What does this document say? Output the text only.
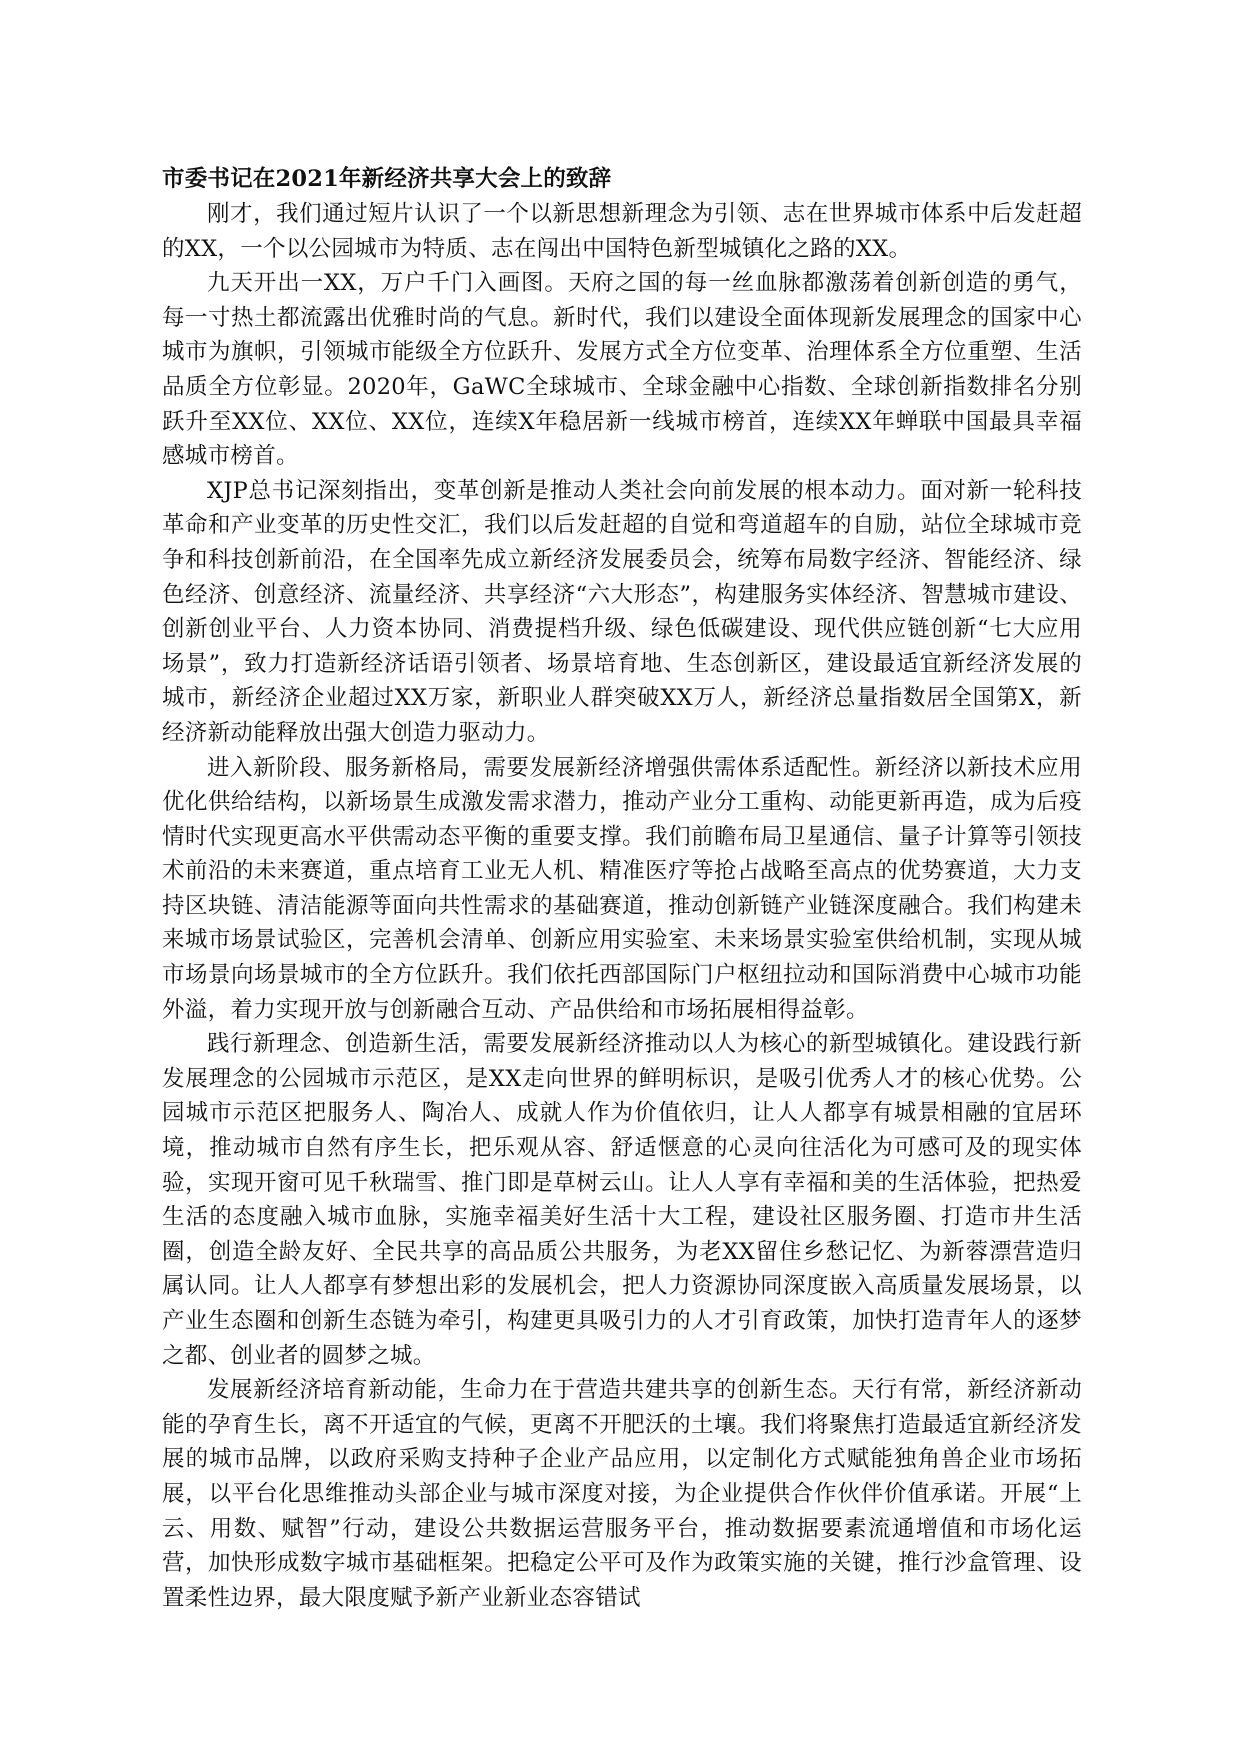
市委书记在2021年新经济共享大会上的致辞

刚才，我们通过短片认识了一个以新思想新理念为引领、志在世界城市体系中后发赶超的XX，一个以公园城市为特质、志在闯出中国特色新型城镇化之路的XX。

九天开出一XX，万户千门入画图。天府之国的每一丝血脉都激荡着创新创造的勇气，每一寸热土都流露出优雅时尚的气息。新时代，我们以建设全面体现新发展理念的国家中心城市为旗帜，引领城市能级全方位跃升、发展方式全方位变革、治理体系全方位重塑、生活品质全方位彰显。2020年，GaWC全球城市、全球金融中心指数、全球创新指数排名分别跃升至XX位、XX位、XX位，连续X年稳居新一线城市榜首，连续XX年蝉联中国最具幸福感城市榜首。

XJP总书记深刻指出，变革创新是推动人类社会向前发展的根本动力。面对新一轮科技革命和产业变革的历史性交汇，我们以后发赶超的自觉和弯道超车的自励，站位全球城市竞争和科技创新前沿，在全国率先成立新经济发展委员会，统筹布局数字经济、智能经济、绿色经济、创意经济、流量经济、共享经济“六大形态”，构建服务实体经济、智慧城市建设、创新创业平台、人力资本协同、消费提档升级、绿色低碳建设、现代供应链创新“七大应用场景”，致力打造新经济话语引领者、场景培育地、生态创新区，建设最适宜新经济发展的城市，新经济企业超过XX万家，新职业人群突破XX万人，新经济总量指数居全国第X，新经济新动能释放出强大创造力驱动力。

进入新阶段、服务新格局，需要发展新经济增强供需体系适配性。新经济以新技术应用优化供给结构，以新场景生成激发需求潜力，推动产业分工重构、动能更新再造，成为后疫情时代实现更高水平供需动态平衡的重要支撑。我们前瞻布局卫星通信、量子计算等引领技术前沿的未来赛道，重点培育工业无人机、精准医疗等抢占战略至高点的优势赛道，大力支持区块链、清洁能源等面向共性需求的基础赛道，推动创新链产业链深度融合。我们构建未来城市场景试验区，完善机会清单、创新应用实验室、未来场景实验室供给机制，实现从城市场景向场景城市的全方位跃升。我们依托西部国际门户枢纽拉动和国际消费中心城市功能外溢，着力实现开放与创新融合互动、产品供给和市场拓展相得益彰。

践行新理念、创造新生活，需要发展新经济推动以人为核心的新型城镇化。建设践行新发展理念的公园城市示范区，是XX走向世界的鲜明标识，是吸引优秀人才的核心优势。公园城市示范区把服务人、陶冶人、成就人作为价值依归，让人人都享有城景相融的宜居环境，推动城市自然有序生长，把乐观从容、舒适惬意的心灵向往活化为可感可及的现实体验，实现开窗可见千秋瑞雪、推门即是草树云山。让人人享有幸福和美的生活体验，把热爱生活的态度融入城市血脉，实施幸福美好生活十大工程，建设社区服务圈、打造市井生活圈，创造全龄友好、全民共享的高品质公共服务，为老XX留住乡愁记忆、为新蓉漂营造归属认同。让人人都享有梦想出彩的发展机会，把人力资源协同深度嵌入高质量发展场景，以产业生态圈和创新生态链为牵引，构建更具吸引力的人才引育政策，加快打造青年人的逐梦之都、创业者的圆梦之城。

发展新经济培育新动能，生命力在于营造共建共享的创新生态。天行有常，新经济新动能的孕育生长，离不开适宜的气候，更离不开肥沃的土壤。我们将聚焦打造最适宜新经济发展的城市品牌，以政府采购支持种子企业产品应用，以定制化方式赋能独角兽企业市场拓展，以平台化思维推动头部企业与城市深度对接，为企业提供合作伙伴价值承诺。开展“上云、用数、赋智”行动，建设公共数据运营服务平台，推动数据要素流通增值和市场化运营，加快形成数字城市基础框架。把稳定公平可及作为政策实施的关键，推行沙盒管理、设置柔性边界，最大限度赋予新产业新业态容错试
